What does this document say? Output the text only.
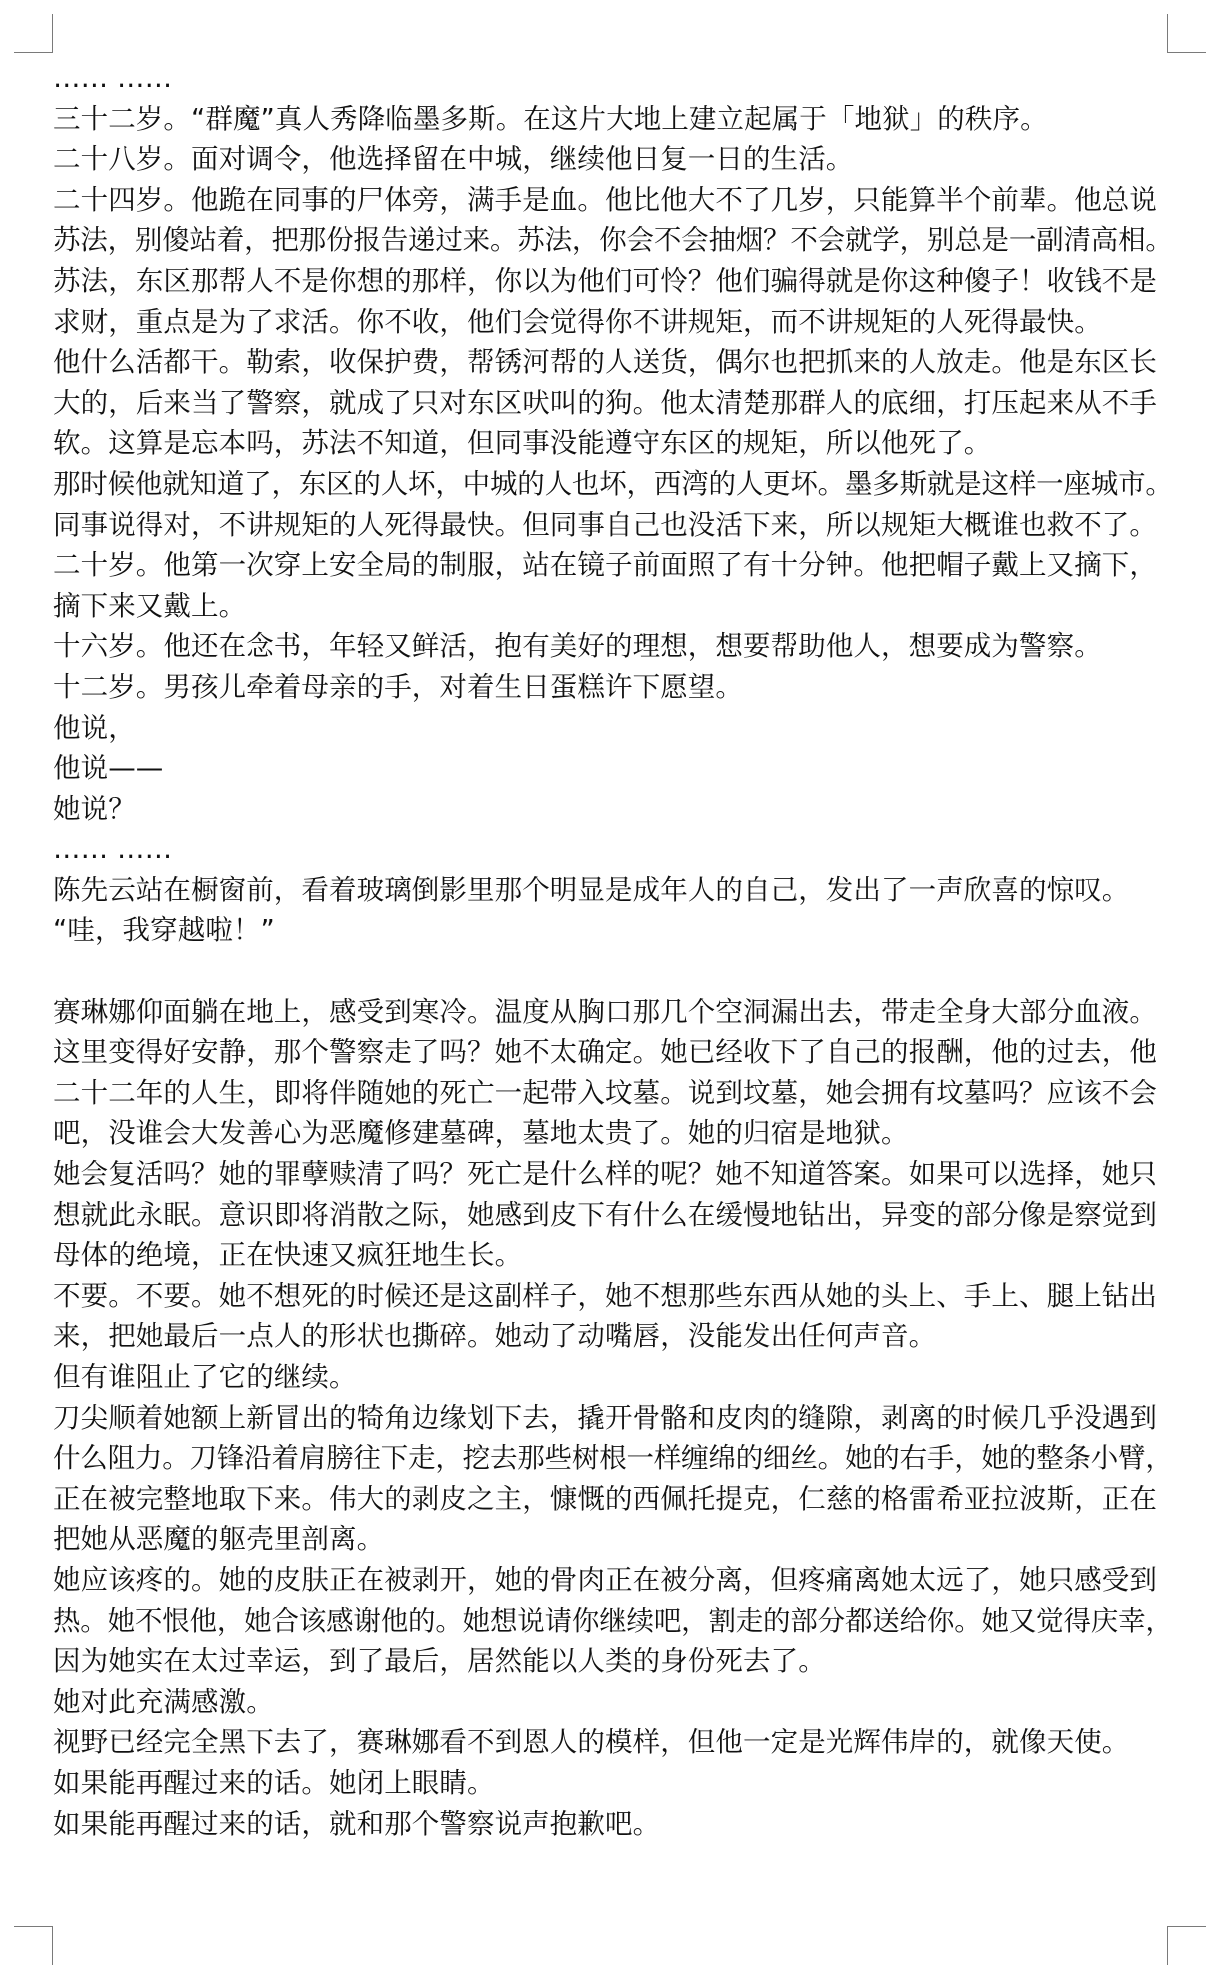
…… ……
三十二岁。“群魔”真人秀降临墨多斯。在这片大地上建立起属于「地狱」的秩序。
二十八岁。面对调令，他选择留在中城，继续他日复一日的生活。
二十四岁。他跪在同事的尸体旁，满手是血。他比他大不了几岁，只能算半个前辈。他总说
苏法，别傻站着，把那份报告递过来。苏法，你会不会抽烟？不会就学，别总是一副清高相。
苏法，东区那帮人不是你想的那样，你以为他们可怜？他们骗得就是你这种傻子！收钱不是
求财，重点是为了求活。你不收，他们会觉得你不讲规矩，而不讲规矩的人死得最快。
他什么活都干。勒索，收保护费，帮锈河帮的人送货，偶尔也把抓来的人放走。他是东区长
大的，后来当了警察，就成了只对东区吠叫的狗。他太清楚那群人的底细，打压起来从不手
软。这算是忘本吗，苏法不知道，但同事没能遵守东区的规矩，所以他死了。
那时候他就知道了，东区的人坏，中城的人也坏，西湾的人更坏。墨多斯就是这样一座城市。
同事说得对，不讲规矩的人死得最快。但同事自己也没活下来，所以规矩大概谁也救不了。
二十岁。他第一次穿上安全局的制服，站在镜子前面照了有十分钟。他把帽子戴上又摘下，
摘下来又戴上。
十六岁。他还在念书，年轻又鲜活，抱有美好的理想，想要帮助他人，想要成为警察。
十二岁。男孩儿牵着母亲的手，对着生日蛋糕许下愿望。
他说，
他说——
她说？
…… ……
陈先云站在橱窗前，看着玻璃倒影里那个明显是成年人的自己，发出了一声欣喜的惊叹。
“哇，我穿越啦！”
赛琳娜仰面躺在地上，感受到寒冷。温度从胸口那几个空洞漏出去，带走全身大部分血液。
这里变得好安静，那个警察走了吗？她不太确定。她已经收下了自己的报酬，他的过去，他
二十二年的人生，即将伴随她的死亡一起带入坟墓。说到坟墓，她会拥有坟墓吗？应该不会
吧，没谁会大发善心为恶魔修建墓碑，墓地太贵了。她的归宿是地狱。
她会复活吗？她的罪孽赎清了吗？死亡是什么样的呢？她不知道答案。如果可以选择，她只
想就此永眠。意识即将消散之际，她感到皮下有什么在缓慢地钻出，异变的部分像是察觉到
母体的绝境，正在快速又疯狂地生长。
不要。不要。她不想死的时候还是这副样子，她不想那些东西从她的头上、手上、腿上钻出
来，把她最后一点人的形状也撕碎。她动了动嘴唇，没能发出任何声音。
但有谁阻止了它的继续。
刀尖顺着她额上新冒出的犄角边缘划下去，撬开骨骼和皮肉的缝隙，剥离的时候几乎没遇到
什么阻力。刀锋沿着肩膀往下走，挖去那些树根一样缠绵的细丝。她的右手，她的整条小臂，
正在被完整地取下来。伟大的剥皮之主，慷慨的西佩托提克，仁慈的格雷希亚拉波斯，正在
把她从恶魔的躯壳里剖离。
她应该疼的。她的皮肤正在被剥开，她的骨肉正在被分离，但疼痛离她太远了，她只感受到
热。她不恨他，她合该感谢他的。她想说请你继续吧，割走的部分都送给你。她又觉得庆幸，
因为她实在太过幸运，到了最后，居然能以人类的身份死去了。
她对此充满感激。
视野已经完全黑下去了，赛琳娜看不到恩人的模样，但他一定是光辉伟岸的，就像天使。
如果能再醒过来的话。她闭上眼睛。
如果能再醒过来的话，就和那个警察说声抱歉吧。
